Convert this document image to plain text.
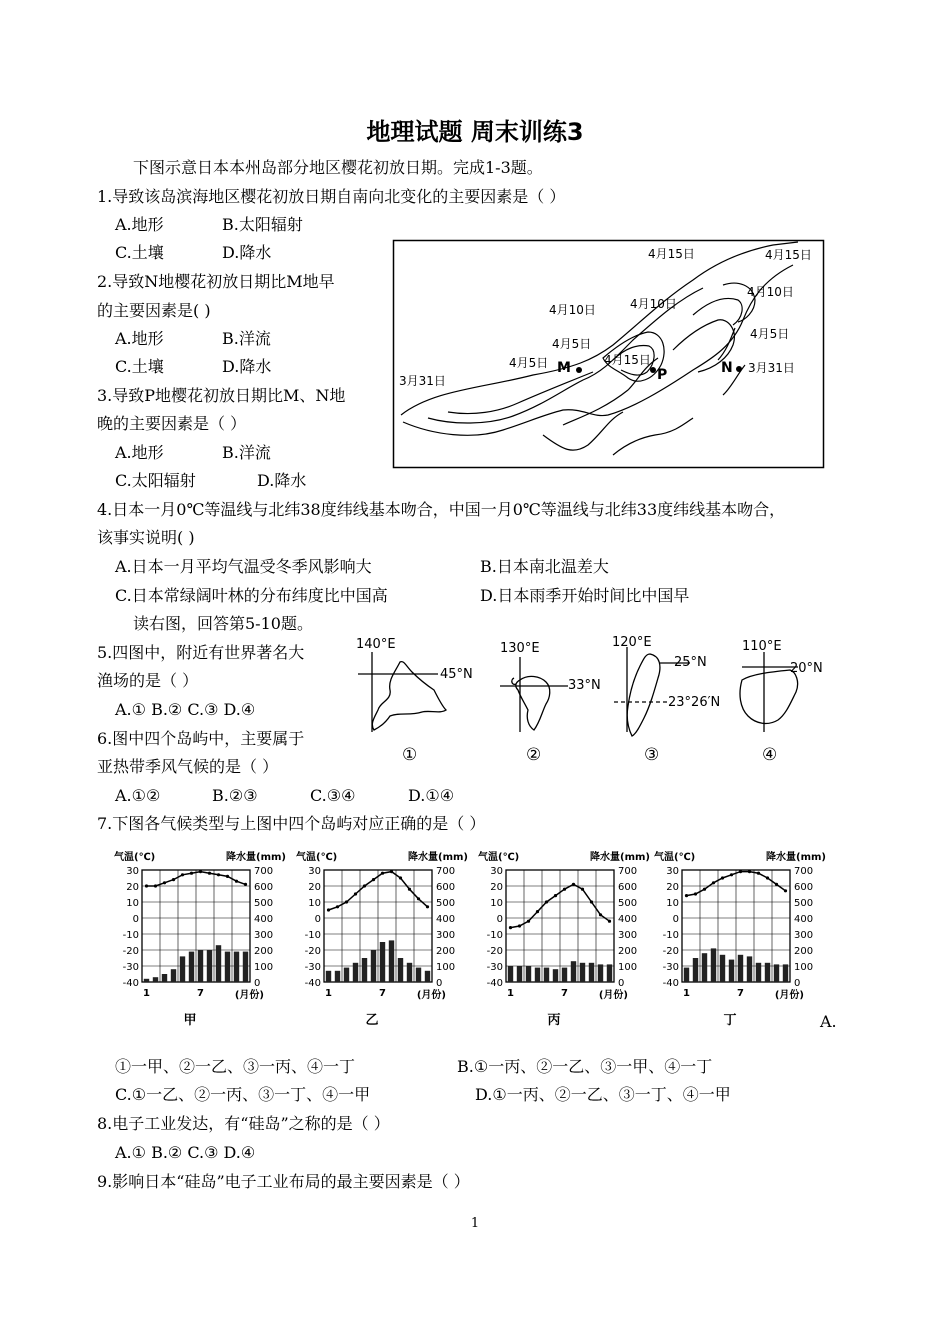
地理试题 周末训练3
下图示意日本本州岛部分地区樱花初放日期。完成1-3题。
1.导致该岛滨海地区樱花初放日期自南向北变化的主要因素是（ ）
A.地形	B.太阳辐射
C.土壤	D.降水
2.导致N地樱花初放日期比M地早
的主要因素是( )
A.地形	B.洋流
C.土壤	D.降水
3.导致P地樱花初放日期比M、N地
晚的主要因素是（ ）
A.地形	B.洋流
C.太阳辐射	D.降水
4月15日	4月15日
4月10日
4月10日
4月10日
4月5日
4月5日
4月5日	4月15日
3月31日
3月31日
M	P	N
4.日本一月0℃等温线与北纬38度纬线基本吻合，中国一月0℃等温线与北纬33度纬线基本吻合，
该事实说明( )
A.日本一月平均气温受冬季风影响大	B.日本南北温差大
C.日本常绿阔叶林的分布纬度比中国高	D.日本雨季开始时间比中国早
读右图，回答第5-10题。
5.四图中，附近有世界著名大
渔场的是（ ）
A.① B.② C.③ D.④
6.图中四个岛屿中，主要属于
亚热带季风气候的是（ ）
A.①②	B.②③	C.③④	D.①④
140°E
45°N
130°E
33°N
120°E
25°N
23°26′N
110°E
20°N
①	②	③	④
7.下图各气候类型与上图中四个岛屿对应正确的是（ ）
气温(℃)	降水量(mm)
30
20
10
0
-10
-20
-30
-40
700
600
500
400
300
200
100
0
1	7	(月份)
甲
气温(℃)	降水量(mm)
30
20
10
0
-10
-20
-30
-40
700
600
500
400
300
200
100
0
1	7	(月份)
乙
气温(℃)	降水量(mm)
30
20
10
0
-10
-20
-30
-40
700
600
500
400
300
200
100
0
1	7	(月份)
丙
气温(℃)	降水量(mm)
30
20
10
0
-10
-20
-30
-40
700
600
500
400
300
200
100
0
1	7	(月份)
丁	A.
①一甲、②一乙、③一丙、④一丁	B.①一丙、②一乙、③一甲、④一丁
C.①一乙、②一丙、③一丁、④一甲	D.①一丙、②一乙、③一丁、④一甲
8.电子工业发达，有“硅岛”之称的是（ ）
A.① B.② C.③ D.④
9.影响日本“硅岛”电子工业布局的最主要因素是（ ）
1
